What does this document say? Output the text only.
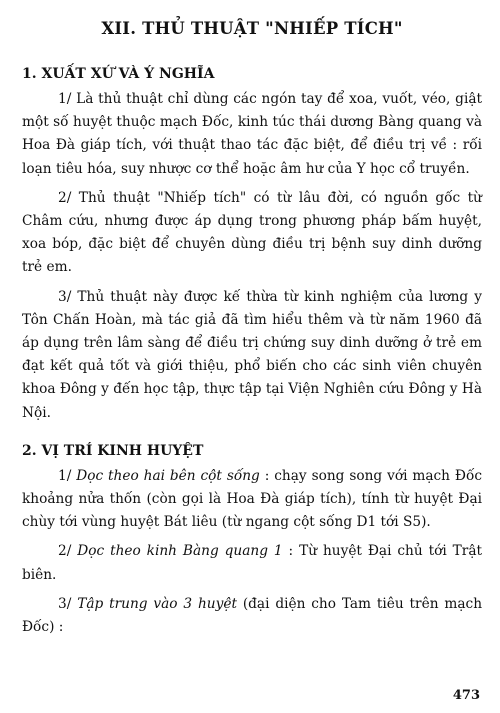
XII. THỦ THUẬT "NHIẾP TÍCH"
1. XUẤT XỨ VÀ Ý NGHĨA

1/ Là thủ thuật chỉ dùng các ngón tay để xoa, vuốt, véo, giật một số huyệt thuộc mạch Đốc, kinh túc thái dương Bàng quang và Hoa Đà giáp tích, với thuật thao tác đặc biệt, để điều trị về : rối loạn tiêu hóa, suy nhược cơ thể hoặc âm hư của Y học cổ truyền.

2/ Thủ thuật "Nhiếp tích" có từ lâu đời, có nguồn gốc từ Châm cứu, nhưng được áp dụng trong phương pháp bấm huyệt, xoa bóp, đặc biệt để chuyên dùng điều trị bệnh suy dinh dưỡng trẻ em.

3/ Thủ thuật này được kế thừa từ kinh nghiệm của lương y Tôn Chấn Hoàn, mà tác giả đã tìm hiểu thêm và từ năm 1960 đã áp dụng trên lâm sàng để điều trị chứng suy dinh dưỡng ở trẻ em đạt kết quả tốt và giới thiệu, phổ biến cho các sinh viên chuyên khoa Đông y đến học tập, thực tập tại Viện Nghiên cứu Đông y Hà Nội.

2. VỊ TRÍ KINH HUYỆT

1/ Dọc theo hai bên cột sống : chạy song song với mạch Đốc khoảng nửa thốn (còn gọi là Hoa Đà giáp tích), tính từ huyệt Đại chùy tới vùng huyệt Bát liêu (từ ngang cột sống D1 tới S5).

2/ Dọc theo kinh Bàng quang 1 : Từ huyệt Đại chủ tới Trật biên.

3/ Tập trung vào 3 huyệt (đại diện cho Tam tiêu trên mạch Đốc) :

473
